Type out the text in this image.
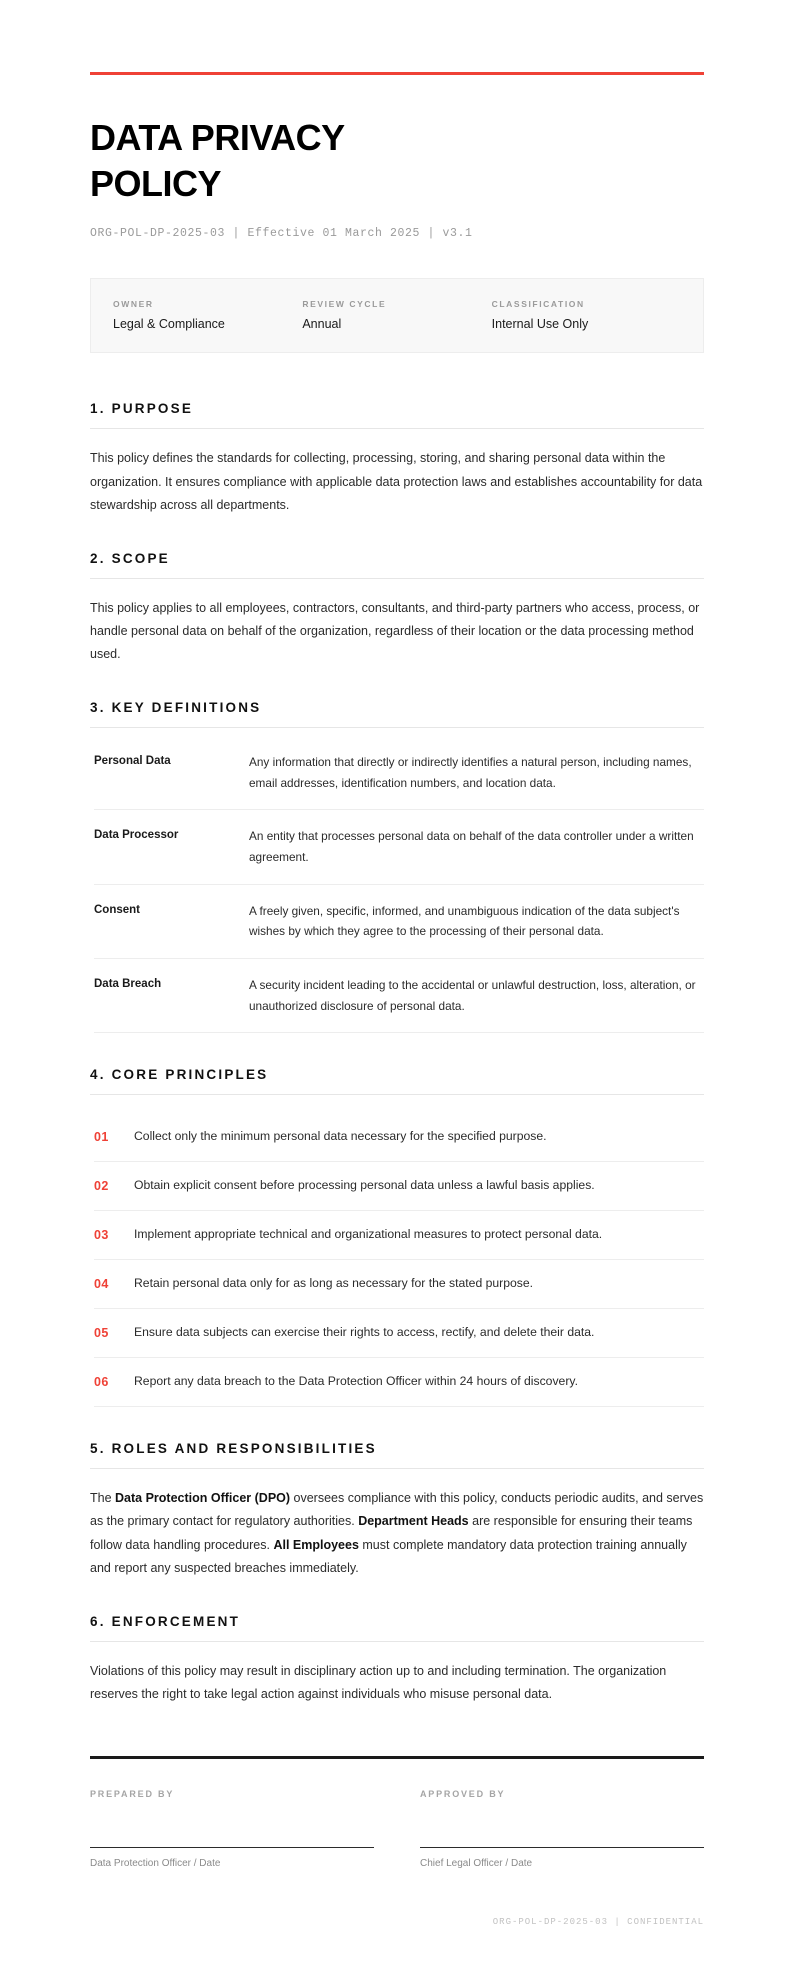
DATA PRIVACY POLICY
ORG-POL-DP-2025-03 | Effective 01 March 2025 | v3.1
OWNER
Legal & Compliance
REVIEW CYCLE
Annual
CLASSIFICATION
Internal Use Only
1. PURPOSE

This policy defines the standards for collecting, processing, storing, and sharing personal data within the organization. It ensures compliance with applicable data protection laws and establishes accountability for data stewardship across all departments.

2. SCOPE

This policy applies to all employees, contractors, consultants, and third-party partners who access, process, or handle personal data on behalf of the organization, regardless of their location or the data processing method used.

3. KEY DEFINITIONS
Personal Data	Any information that directly or indirectly identifies a natural person, including names, email addresses, identification numbers, and location data.
Data Processor	An entity that processes personal data on behalf of the data controller under a written agreement.
Consent	A freely given, specific, informed, and unambiguous indication of the data subject's wishes by which they agree to the processing of their personal data.
Data Breach	A security incident leading to the accidental or unlawful destruction, loss, alteration, or unauthorized disclosure of personal data.
4. CORE PRINCIPLES
01	Collect only the minimum personal data necessary for the specified purpose.
02	Obtain explicit consent before processing personal data unless a lawful basis applies.
03	Implement appropriate technical and organizational measures to protect personal data.
04	Retain personal data only for as long as necessary for the stated purpose.
05	Ensure data subjects can exercise their rights to access, rectify, and delete their data.
06	Report any data breach to the Data Protection Officer within 24 hours of discovery.
5. ROLES AND RESPONSIBILITIES

The Data Protection Officer (DPO) oversees compliance with this policy, conducts periodic audits, and serves as the primary contact for regulatory authorities. Department Heads are responsible for ensuring their teams follow data handling procedures. All Employees must complete mandatory data protection training annually and report any suspected breaches immediately.

6. ENFORCEMENT

Violations of this policy may result in disciplinary action up to and including termination. The organization reserves the right to take legal action against individuals who misuse personal data.

PREPARED BY
Data Protection Officer / Date
APPROVED BY
Chief Legal Officer / Date
ORG-POL-DP-2025-03 | CONFIDENTIAL
